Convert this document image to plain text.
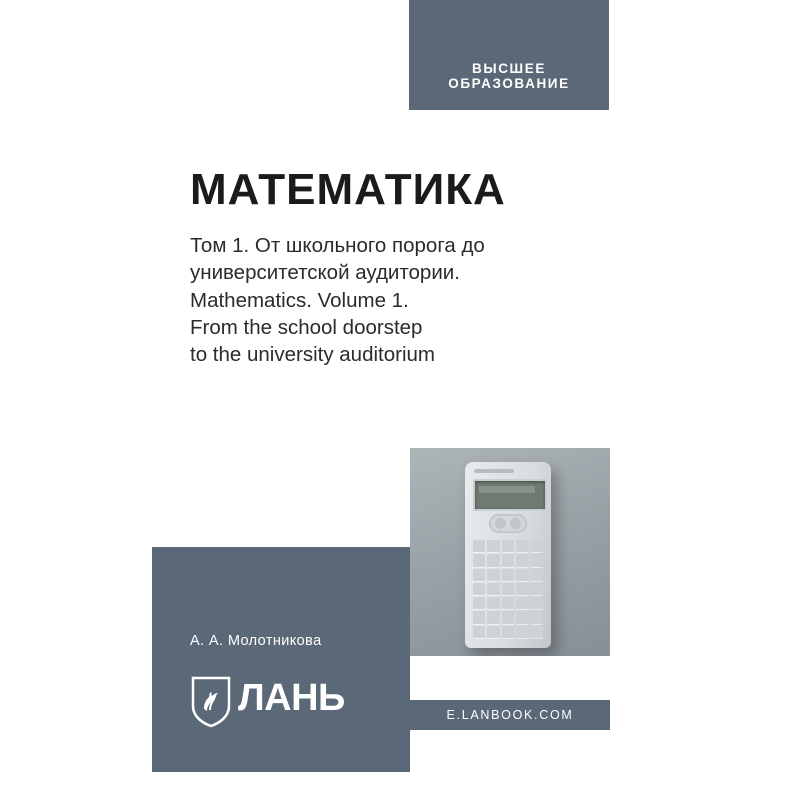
ВЫСШЕЕ ОБРАЗОВАНИЕ
МАТЕМАТИКА
Том 1. От школьного порога до
университетской аудитории.
Mathematics. Volume 1.
From the school doorstep
to the university auditorium
А. А. Молотникова
ЛАНЬ	E.LANBOOK.COM
